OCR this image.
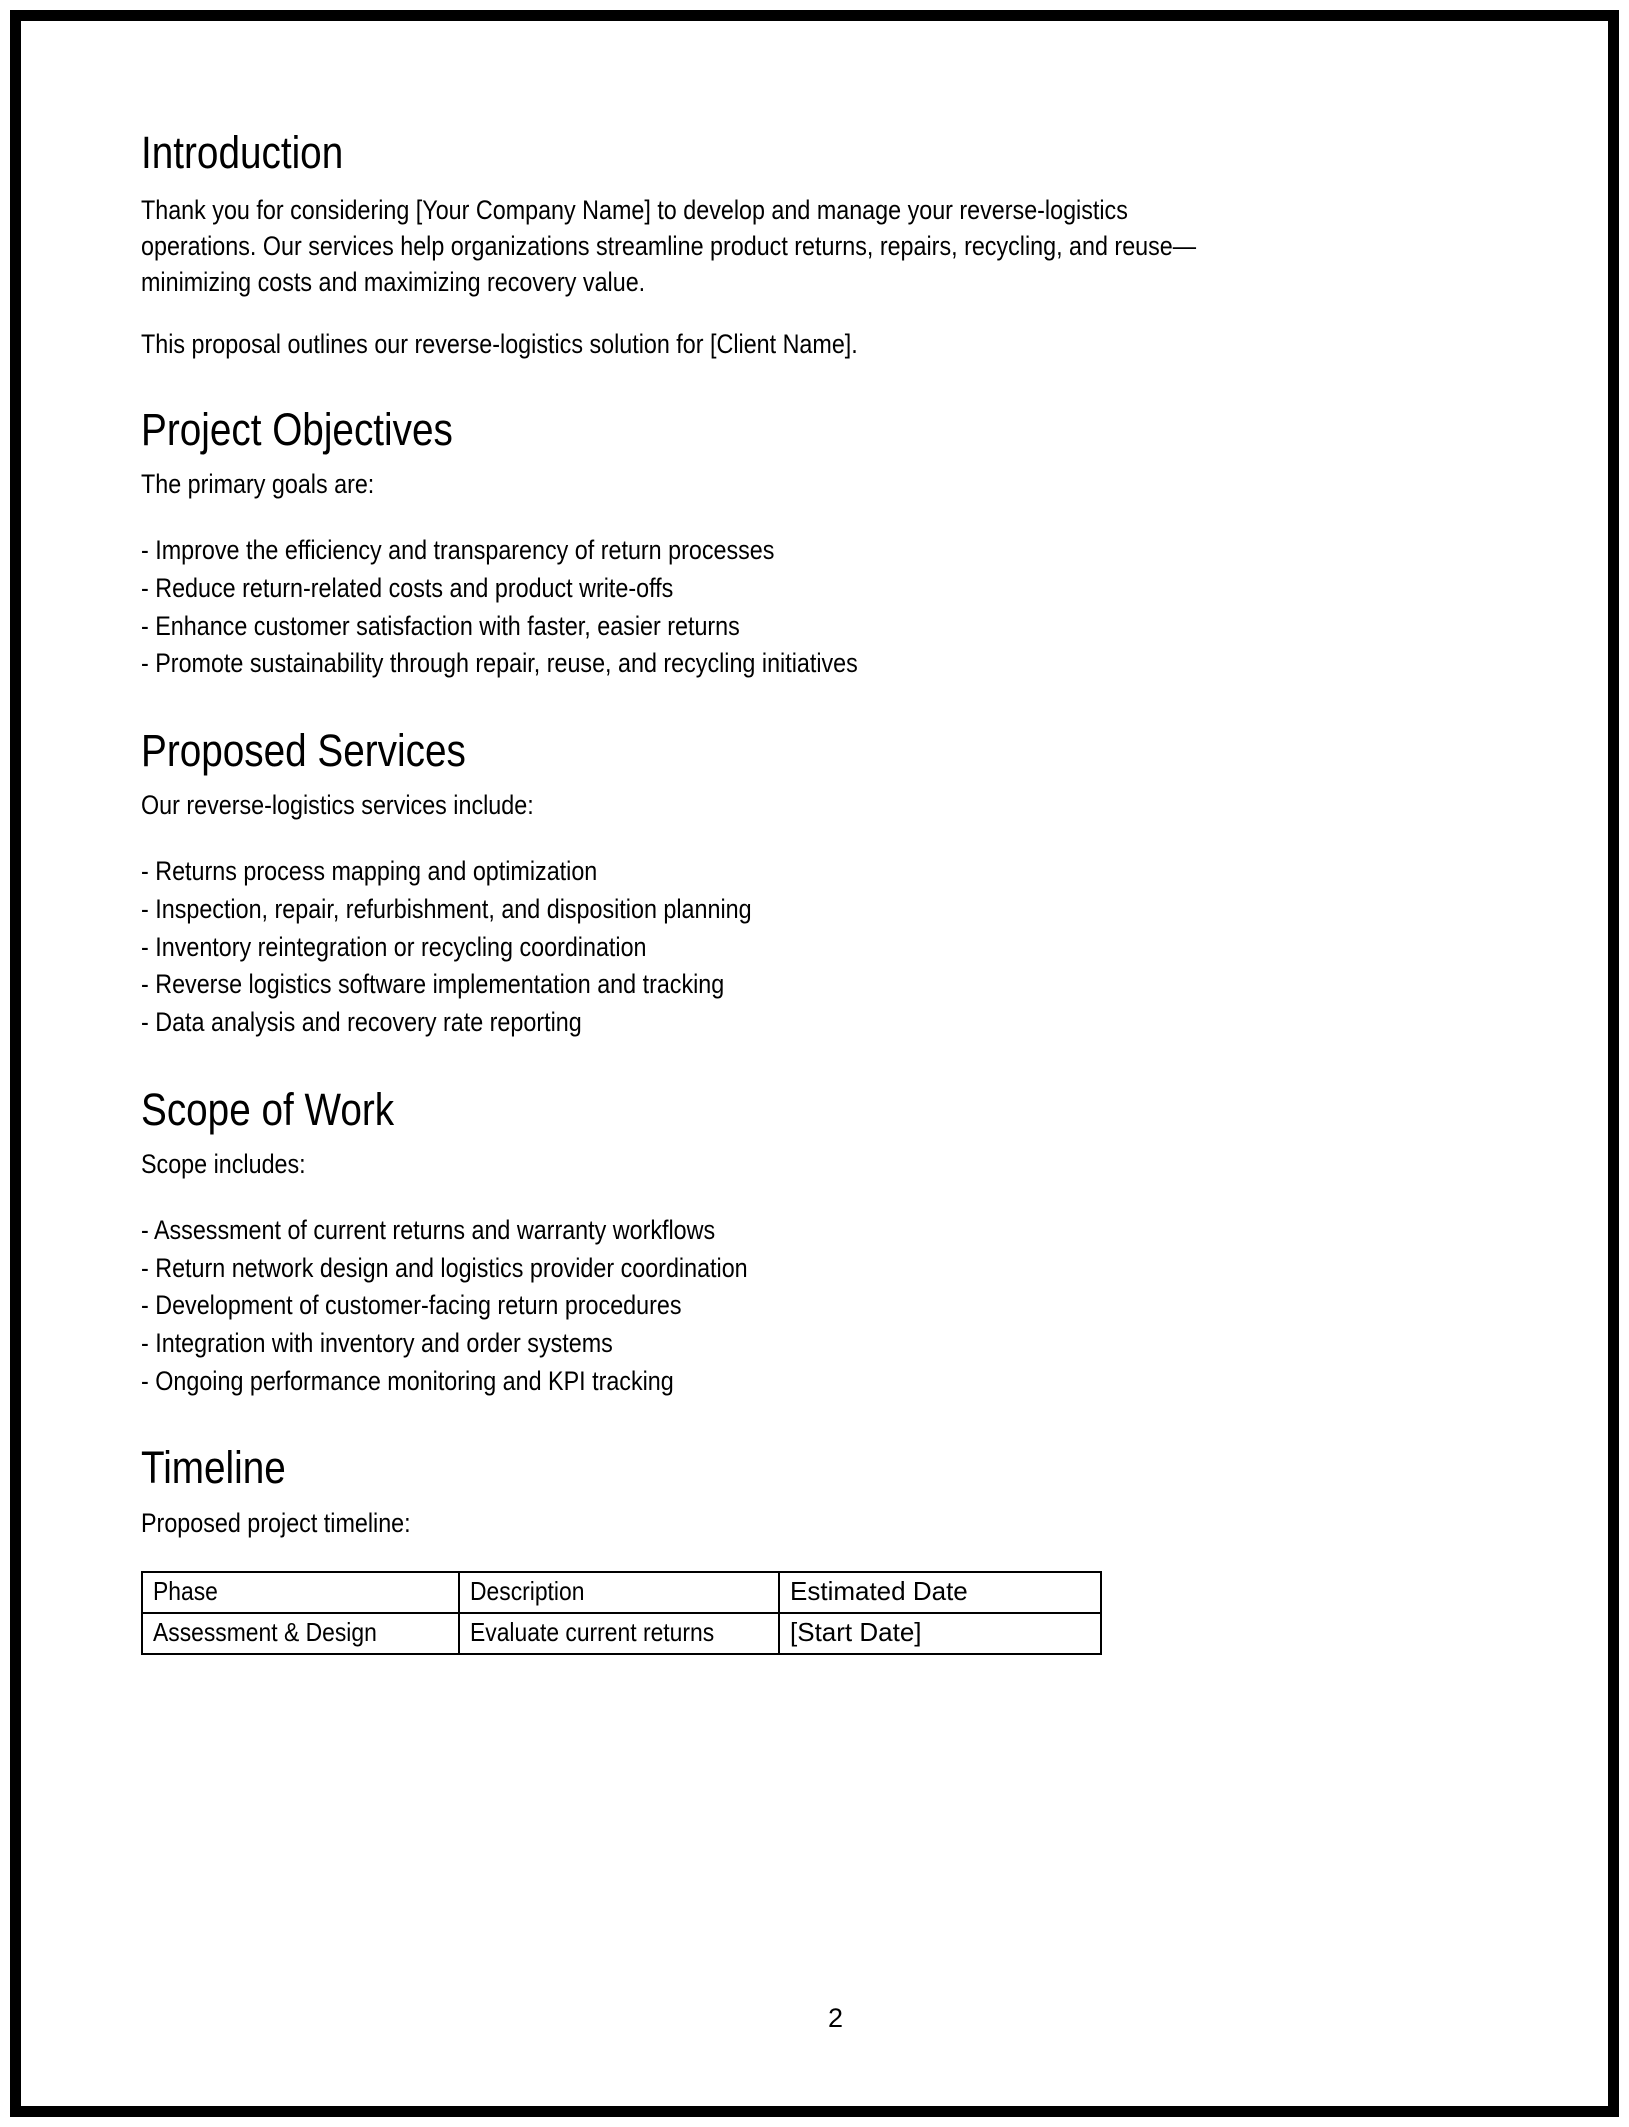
Introduction

Thank you for considering [Your Company Name] to develop and manage your reverse-logistics operations. Our services help organizations streamline product returns, repairs, recycling, and reuse—minimizing costs and maximizing recovery value.

This proposal outlines our reverse-logistics solution for [Client Name].

Project Objectives

The primary goals are:

- Improve the efficiency and transparency of return processes
- Reduce return-related costs and product write-offs
- Enhance customer satisfaction with faster, easier returns
- Promote sustainability through repair, reuse, and recycling initiatives
Proposed Services

Our reverse-logistics services include:

- Returns process mapping and optimization
- Inspection, repair, refurbishment, and disposition planning
- Inventory reintegration or recycling coordination
- Reverse logistics software implementation and tracking
- Data analysis and recovery rate reporting
Scope of Work

Scope includes:

- Assessment of current returns and warranty workflows
- Return network design and logistics provider coordination
- Development of customer-facing return procedures
- Integration with inventory and order systems
- Ongoing performance monitoring and KPI tracking
Timeline

Proposed project timeline:

Phase	Description	Estimated Date
Assessment & Design	Evaluate current returns	[Start Date]
2
